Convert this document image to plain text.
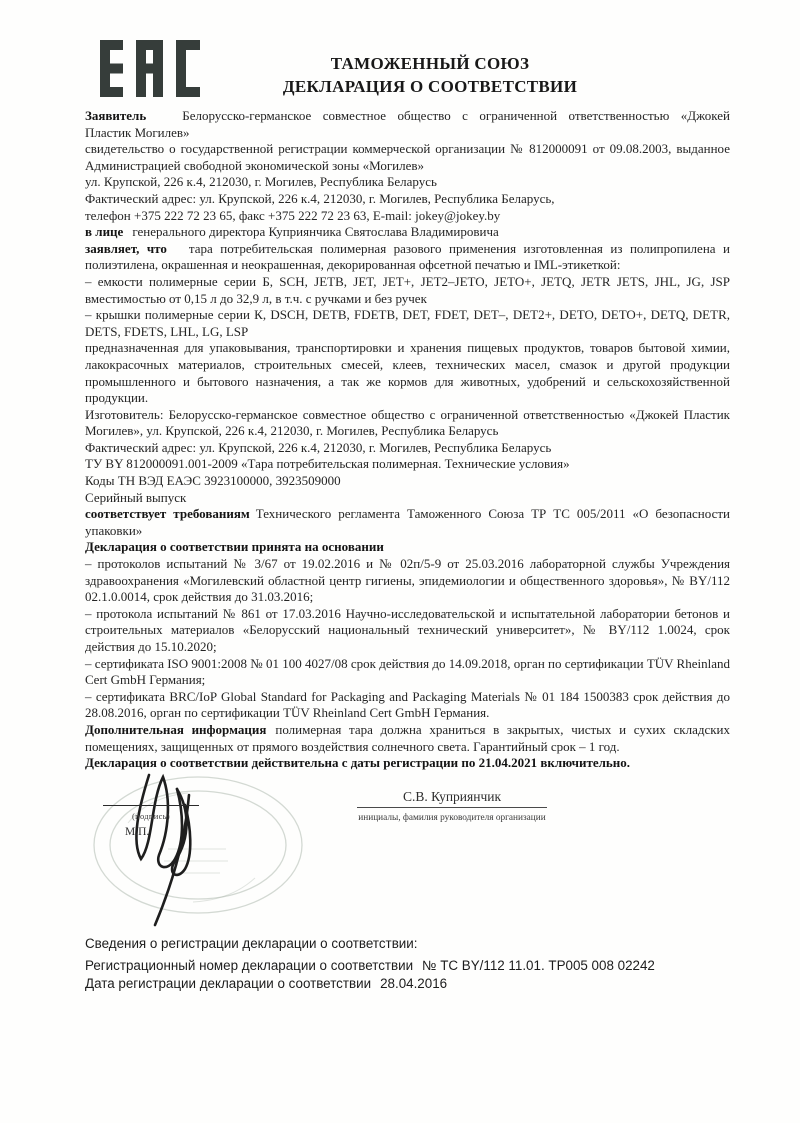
ТАМОЖЕННЫЙ СОЮЗ
ДЕКЛАРАЦИЯ О СООТВЕТСТВИИ

Заявитель	Белорусско-германское совместное общество с ограниченной ответственностью «Джокей Пластик Могилев»

свидетельство о государственной регистрации коммерческой организации № 812000091 от 09.08.2003, выданное Администрацией свободной экономической зоны «Могилев»

ул. Крупской, 226 к.4, 212030, г. Могилев, Республика Беларусь
Фактический адрес: ул. Крупской, 226 к.4, 212030, г. Могилев, Республика Беларусь,
телефон +375 222 72 23 65, факс +375 222 72 23 63, E-mail: jokey@jokey.by

в лице генерального директора Куприянчика Святослава Владимировича

заявляет, что тара потребительская полимерная разового применения изготовленная из полипропилена и полиэтилена, окрашенная и неокрашенная, декорированная офсетной печатью и IML-этикеткой:

– емкости полимерные серии Б, SCH, JETB, JET, JET+, JET2–JETO, JETO+, JETQ, JETR JETS, JHL, JG, JSP вместимостью от 0,15 л до 32,9 л, в т.ч. с ручками и без ручек

– крышки полимерные серии К, DSCH, DETB, FDETB, DET, FDET, DET–, DET2+, DETO, DETO+, DETQ, DETR, DETS, FDETS, LHL, LG, LSP

предназначенная для упаковывания, транспортировки и хранения пищевых продуктов, товаров бытовой химии, лакокрасочных материалов, строительных смесей, клеев, технических масел, смазок и другой продукции промышленного и бытового назначения, а так же кормов для животных, удобрений и сельскохозяйственной продукции.

Изготовитель: Белорусско-германское совместное общество с ограниченной ответственностью «Джокей Пластик Могилев», ул. Крупской, 226 к.4, 212030, г. Могилев, Республика Беларусь
Фактический адрес: ул. Крупской, 226 к.4, 212030, г. Могилев, Республика Беларусь

ТУ BY 812000091.001-2009 «Тара потребительская полимерная. Технические условия»
Коды ТН ВЭД ЕАЭС 3923100000, 3923509000
Серийный выпуск

соответствует требованиям Технического регламента Таможенного Союза ТР ТС 005/2011 «О безопасности упаковки»

Декларация о соответствии принята на основании

– протоколов испытаний № 3/67 от 19.02.2016 и № 02п/5-9 от 25.03.2016 лабораторной службы Учреждения здравоохранения «Могилевский областной центр гигиены, эпидемиологии и общественного здоровья», № BY/112 02.1.0.0014, срок действия до 31.03.2016;

– протокола испытаний № 861 от 17.03.2016 Научно-исследовательской и испытательной лаборатории бетонов и строительных материалов «Белорусский национальный технический университет», № BY/112 1.0024, срок действия до 15.10.2020;

– сертификата ISO 9001:2008 № 01 100 4027/08 срок действия до 14.09.2018, орган по сертификации TÜV Rheinland Cert GmbH Германия;

– сертификата BRC/IoP Global Standard for Packaging and Packaging Materials № 01 184 1500383 срок действия до 28.08.2016, орган по сертификации TÜV Rheinland Cert GmbH Германия.

Дополнительная информация полимерная тара должна храниться в закрытых, чистых и сухих складских помещениях, защищенных от прямого воздействия солнечного света. Гарантийный срок – 1 год.

Декларация о соответствии действительна с даты регистрации по 21.04.2021 включительно.

(подпись)
М.П.
С.В. Куприянчик
инициалы, фамилия руководителя организации
Сведения о регистрации декларации о соответствии:
Регистрационный номер декларации о соответствии № ТС BY/112 11.01. ТР005 008 02242
Дата регистрации декларации о соответствии 28.04.2016
